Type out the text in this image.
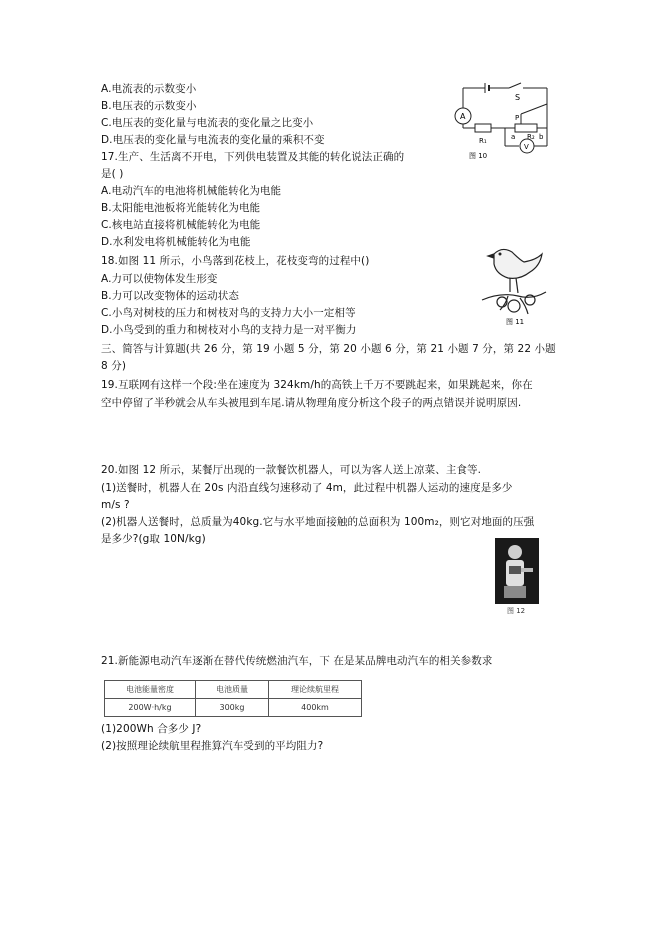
A.电流表的示数变小
B.电压表的示数变小
C.电压表的变化量与电流表的变化量之比变小
D.电压表的变化量与电流表的变化量的乘积不变
A
S
V
P
R₁	R₂
a	b
图 10
17.生产、生活离不开电，下列供电装置及其能的转化说法正确的
是( )
A.电动汽车的电池将机械能转化为电能
B.太阳能电池板将光能转化为电能
C.核电站直接将机械能转化为电能
D.水利发电将机械能转化为电能
18.如图 11 所示，小鸟落到花枝上，花枝变弯的过程中()
A.力可以使物体发生形变
B.力可以改变物体的运动状态
C.小鸟对树枝的压力和树枝对鸟的支持力大小一定相等
D.小鸟受到的重力和树枝对小鸟的支持力是一对平衡力
图 11
三、简答与计算题(共 26 分，第 19 小题 5 分，第 20 小题 6 分，第 21 小题 7 分，第 22 小题
8 分)
19.互联网有这样一个段:坐在速度为 324km/h的高铁上千万不要跳起来，如果跳起来，你在
空中停留了半秒就会从车头被甩到车尾.请从物理角度分析这个段子的两点错误并说明原因.
20.如图 12 所示，某餐厅出现的一款餐饮机器人，可以为客人送上凉菜、主食等.
(1)送餐时，机器人在 20s 内沿直线匀速移动了 4m，此过程中机器人运动的速度是多少
m/s ?
(2)机器人送餐时，总质量为40kg.它与水平地面接触的总面积为 100m₂，则它对地面的压强
是多少?(g取 10N/kg)
图 12
21.新能源电动汽车逐渐在替代传统燃油汽车，下 在是某品牌电动汽车的相关参数求
电池能量密度	电池质量	理论续航里程
200W·h/kg	300kg	400km
(1)200Wh 合多少 J?
(2)按照理论续航里程推算汽车受到的平均阻力?
